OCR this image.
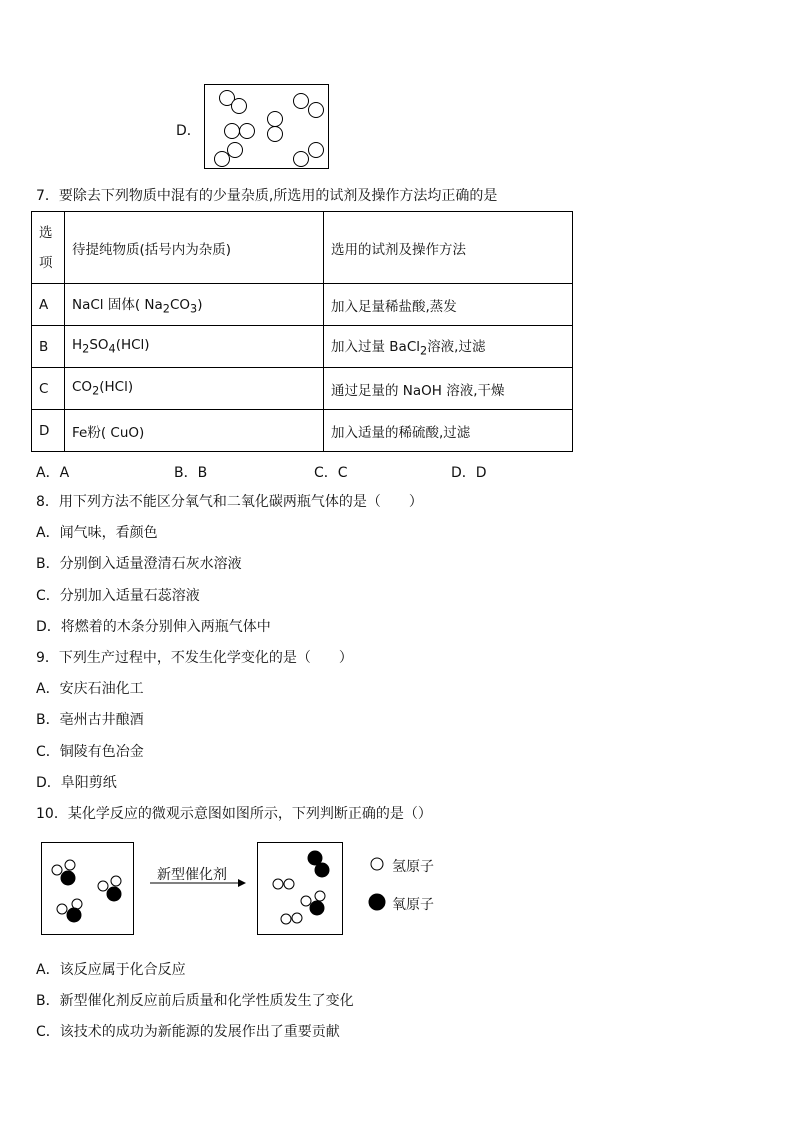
D．
7．要除去下列物质中混有的少量杂质,所选用的试剂及操作方法均正确的是
选项	待提纯物质(括号内为杂质)	选用的试剂及操作方法
A	NaCl 固体( $Na_2CO_3$)	加入足量稀盐酸,蒸发
B	$H_2SO_4(HCl)$	加入过量 BaCl$_2$溶液,过滤
C	$CO_2(HCl)$	通过足量的 NaOH 溶液,干燥
D	Fe粉( CuO)	加入适量的稀硫酸,过滤
A．A	B．B	C．C	D．D
8．用下列方法不能区分氧气和二氧化碳两瓶气体的是（　　）
A．闻气味，看颜色
B．分别倒入适量澄清石灰水溶液
C．分别加入适量石蕊溶液
D．将燃着的木条分别伸入两瓶气体中
9．下列生产过程中，不发生化学变化的是（　　）
A．安庆石油化工
B．亳州古井酿酒
C．铜陵有色冶金
D．阜阳剪纸
10．某化学反应的微观示意图如图所示，下列判断正确的是（）
新型催化剂	氢原子
氧原子
A．该反应属于化合反应
B．新型催化剂反应前后质量和化学性质发生了变化
C．该技术的成功为新能源的发展作出了重要贡献
